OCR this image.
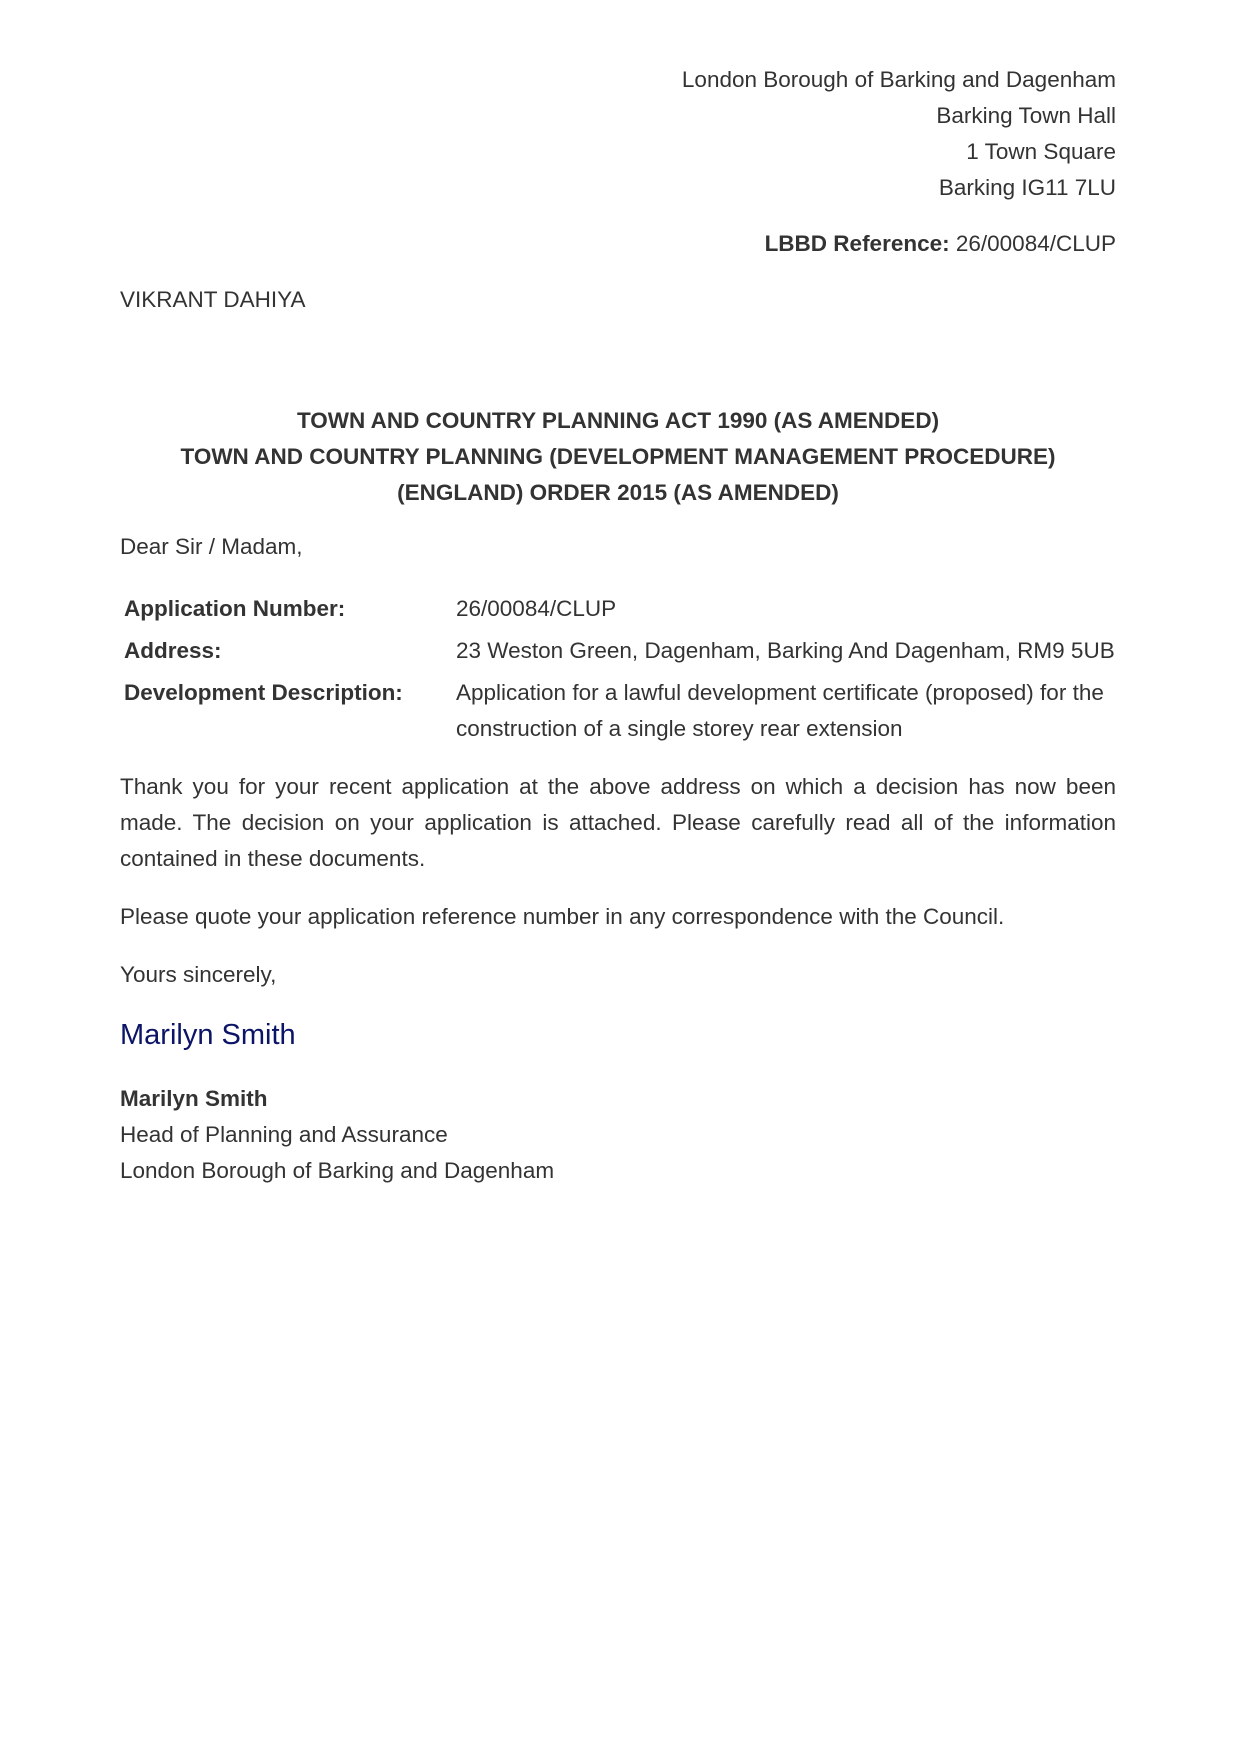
London Borough of Barking and Dagenham
Barking Town Hall
1 Town Square
Barking IG11 7LU
LBBD Reference: 26/00084/CLUP
VIKRANT DAHIYA
TOWN AND COUNTRY PLANNING ACT 1990 (AS AMENDED)
TOWN AND COUNTRY PLANNING (DEVELOPMENT MANAGEMENT PROCEDURE)
(ENGLAND) ORDER 2015 (AS AMENDED)
Dear Sir / Madam,
Application Number:	26/00084/CLUP
Address:	23 Weston Green, Dagenham, Barking And Dagenham, RM9 5UB
Development Description:	Application for a lawful development certificate (proposed) for the construction of a single storey rear extension
Thank you for your recent application at the above address on which a decision has now been made. The decision on your application is attached. Please carefully read all of the information contained in these documents.
Please quote your application reference number in any correspondence with the Council.
Yours sincerely,
Marilyn Smith
Marilyn Smith
Head of Planning and Assurance
London Borough of Barking and Dagenham
